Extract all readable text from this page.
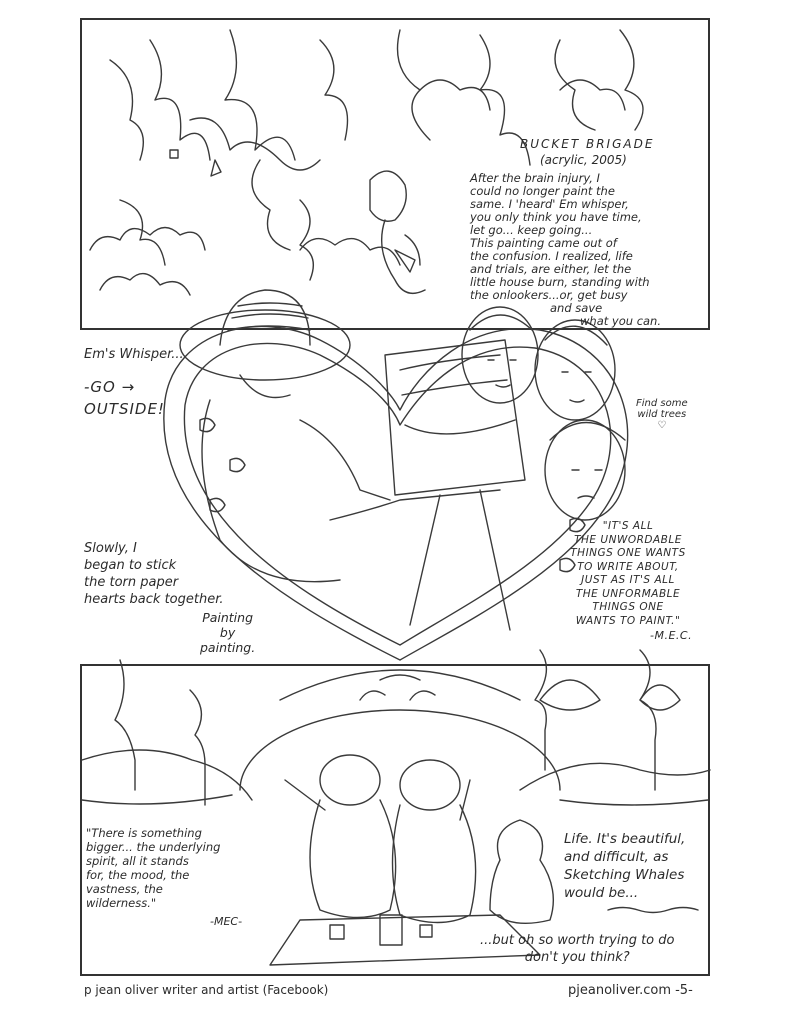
BUCKET BRIGADE

(acrylic, 2005)

After the brain injury, I

could no longer paint the

same. I 'heard' Em whisper,

you only think you have time,

let go... keep going...

This painting came out of

the confusion. I realized, life

and trials, are either, let the

little house burn, standing with

the onlookers...or, get busy

and save

what you can.

Em's Whisper...

-GO →
OUTSIDE!	Find some
wild trees
♡

Slowly, I
began to stick
the torn paper
hearts back together.

Painting
by
painting.

"IT'S ALL
THE UNWORDABLE
THINGS ONE WANTS
TO WRITE ABOUT,
JUST AS IT'S ALL
THE UNFORMABLE
THINGS ONE
WANTS TO PAINT."

-M.E.C.

"There is something
bigger... the underlying
spirit, all it stands
for, the mood, the
vastness, the
wilderness."

-MEC-

Life. It's beautiful,
and difficult, as
Sketching Whales
would be...

...but oh so worth trying to do
don't you think?

p jean oliver writer and artist (Facebook)	pjeanoliver.com -5-
